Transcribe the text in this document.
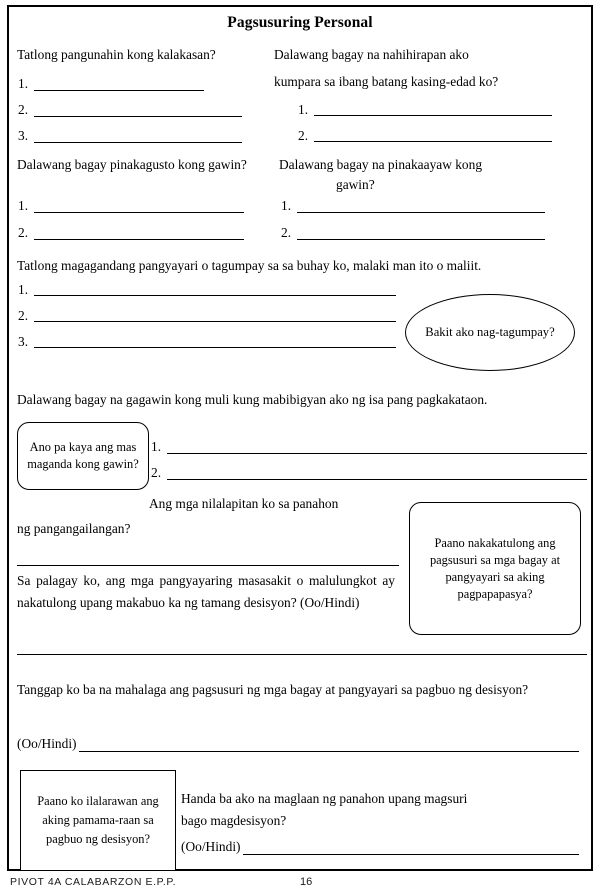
Pagsusuring Personal
Tatlong pangunahin kong kalakasan?
1.
2.
3.
Dalawang bagay na nahihirapan ako
kumpara sa ibang batang kasing-edad ko?
1.
2.
Dalawang bagay pinakagusto kong gawin?
1.
2.
Dalawang bagay na pinakaayaw kong
gawin?
1.
2.
Tatlong magagandang pangyayari o tagumpay sa sa buhay ko, malaki man ito o maliit.
1.
2.
3.
Bakit ako nag-tagumpay?
Dalawang bagay na gagawin kong muli kung mabibigyan ako ng isa pang pagkakataon.
Ano pa kaya ang mas maganda kong gawin?
1.
2.
Ang mga nilalapitan ko sa panahon
ng pangangailangan?
Sa palagay ko, ang mga pangyayaring masasakit o malulungkot ay nakatulong upang makabuo ka ng tamang desisyon? (Oo/Hindi)
Paano nakakatulong ang pagsusuri sa mga bagay at pangyayari sa aking pagpapapasya?
Tanggap ko ba na mahalaga ang pagsusuri ng mga bagay at pangyayari sa pagbuo ng desisyon?
(Oo/Hindi)
Paano ko ilalarawan ang aking pamama-raan sa pagbuo ng desisyon?
Handa ba ako na maglaan ng panahon upang magsuri
bago magdesisyon?
(Oo/Hindi)
PIVOT 4A CALABARZON E.P.P.	16
